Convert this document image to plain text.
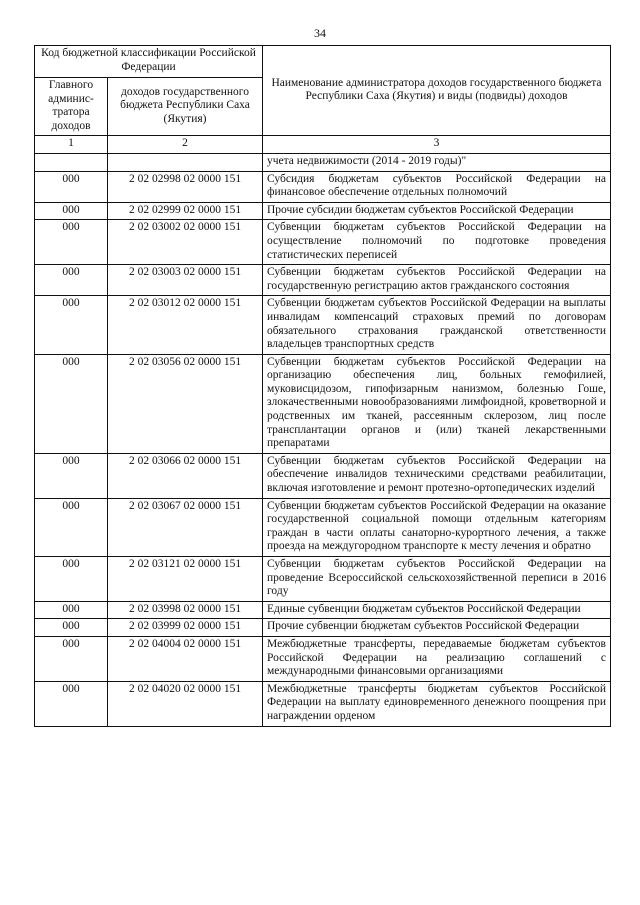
34
Код бюджетной классификации Российской Федерации		Наименование администратора доходов государственного бюджета Республики Саха (Якутия) и виды (подвиды) доходов
Главного админис-тратора доходов	доходов государственного бюджета Республики Саха (Якутия)	
1	2	3
		учета недвижимости (2014 - 2019 годы)"
000	2 02 02998 02 0000 151	Субсидия бюджетам субъектов Российской Федерации на финансовое обеспечение отдельных полномочий
000	2 02 02999 02 0000 151	Прочие субсидии бюджетам субъектов Российской Федерации
000	2 02 03002 02 0000 151	Субвенции бюджетам субъектов Российской Федерации на осуществление полномочий по подготовке проведения статистических переписей
000	2 02 03003 02 0000 151	Субвенции бюджетам субъектов Российской Федерации на государственную регистрацию актов гражданского состояния
000	2 02 03012 02 0000 151	Субвенции бюджетам субъектов Российской Федерации на выплаты инвалидам компенсаций страховых премий по договорам обязательного страхования гражданской ответственности владельцев транспортных средств
000	2 02 03056 02 0000 151	Субвенции бюджетам субъектов Российской Федерации на организацию обеспечения лиц, больных гемофилией, муковисцидозом, гипофизарным нанизмом, болезнью Гоше, злокачественными новообразованиями лимфоидной, кроветворной и родственных им тканей, рассеянным склерозом, лиц после трансплантации органов и (или) тканей лекарственными препаратами
000	2 02 03066 02 0000 151	Субвенции бюджетам субъектов Российской Федерации на обеспечение инвалидов техническими средствами реабилитации, включая изготовление и ремонт протезно-ортопедических изделий
000	2 02 03067 02 0000 151	Субвенции бюджетам субъектов Российской Федерации на оказание государственной социальной помощи отдельным категориям граждан в части оплаты санаторно-курортного лечения, а также проезда на междугородном транспорте к месту лечения и обратно
000	2 02 03121 02 0000 151	Субвенции бюджетам субъектов Российской Федерации на проведение Всероссийской сельскохозяйственной переписи в 2016 году
000	2 02 03998 02 0000 151	Единые субвенции бюджетам субъектов Российской Федерации
000	2 02 03999 02 0000 151	Прочие субвенции бюджетам субъектов Российской Федерации
000	2 02 04004 02 0000 151	Межбюджетные трансферты, передаваемые бюджетам субъектов Российской Федерации на реализацию соглашений с международными финансовыми организациями
000	2 02 04020 02 0000 151	Межбюджетные трансферты бюджетам субъектов Российской Федерации на выплату единовременного денежного поощрения при награждении орденом
